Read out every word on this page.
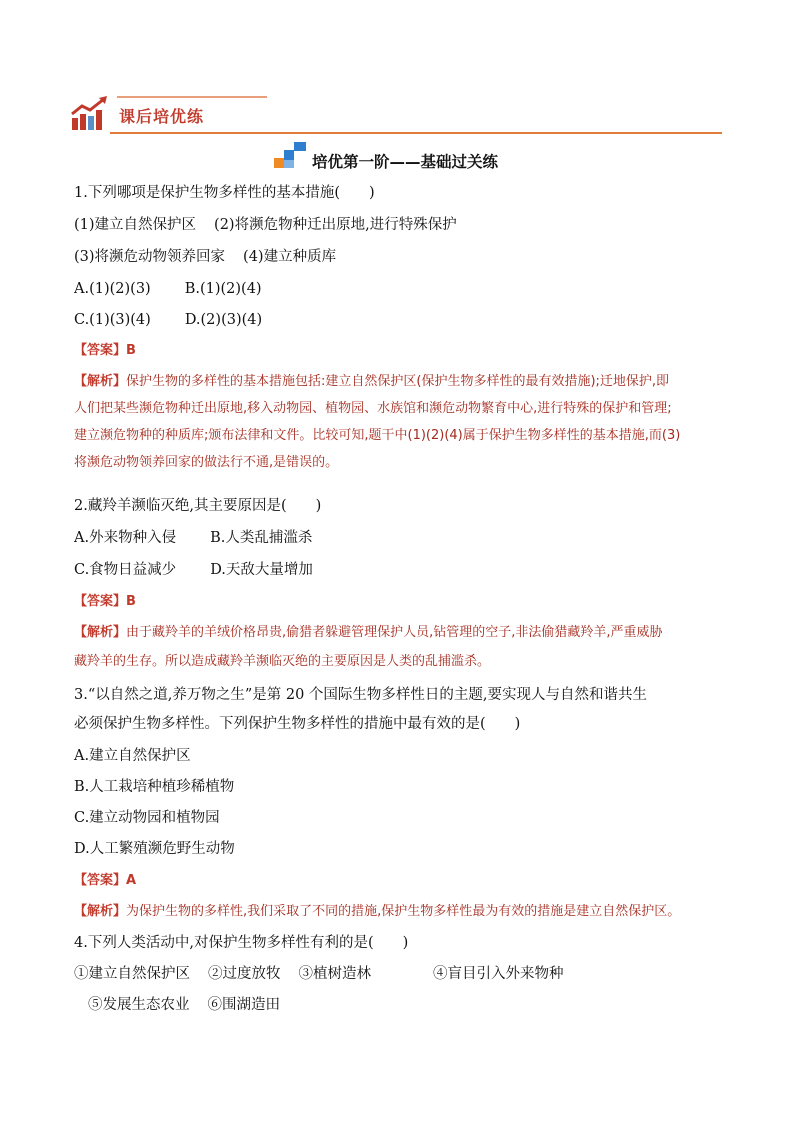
课后培优练
培优第一阶——基础过关练
1.下列哪项是保护生物多样性的基本措施(　　)
(1)建立自然保护区 (2)将濒危物种迁出原地,进行特殊保护
(3)将濒危动物领养回家 (4)建立种质库
A.(1)(2)(3) B.(1)(2)(4)
C.(1)(3)(4) D.(2)(3)(4)
【答案】B
【解析】保护生物的多样性的基本措施包括:建立自然保护区(保护生物多样性的最有效措施);迁地保护,即
人们把某些濒危物种迁出原地,移入动物园、植物园、水族馆和濒危动物繁育中心,进行特殊的保护和管理;
建立濒危物种的种质库;颁布法律和文件。比较可知,题干中(1)(2)(4)属于保护生物多样性的基本措施,而(3)
将濒危动物领养回家的做法行不通,是错误的。
2.藏羚羊濒临灭绝,其主要原因是(　　)
A.外来物种入侵 B.人类乱捕滥杀
C.食物日益减少 D.天敌大量增加
【答案】B
【解析】由于藏羚羊的羊绒价格昂贵,偷猎者躲避管理保护人员,钻管理的空子,非法偷猎藏羚羊,严重威胁
藏羚羊的生存。所以造成藏羚羊濒临灭绝的主要原因是人类的乱捕滥杀。
3.“以自然之道,养万物之生”是第 20 个国际生物多样性日的主题,要实现人与自然和谐共生
必须保护生物多样性。下列保护生物多样性的措施中最有效的是(　　)
A.建立自然保护区
B.人工栽培种植珍稀植物
C.建立动物园和植物园
D.人工繁殖濒危野生动物
【答案】A
【解析】为保护生物的多样性,我们采取了不同的措施,保护生物多样性最为有效的措施是建立自然保护区。
4.下列人类活动中,对保护生物多样性有利的是(　　)
①建立自然保护区 ②过度放牧 ③植树造林	④盲目引入外来物种
⑤发展生态农业 ⑥围湖造田
